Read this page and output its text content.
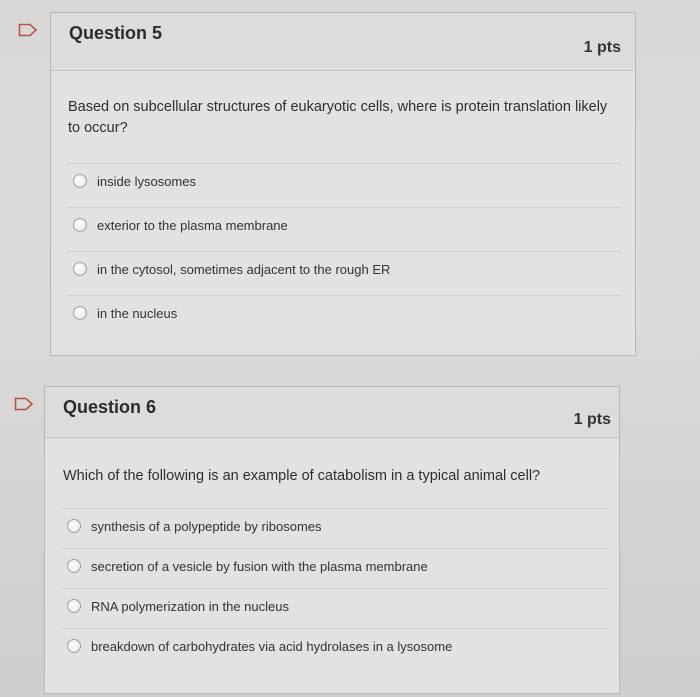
Question 5
1 pts
Based on subcellular structures of eukaryotic cells, where is protein translation likely to occur?
inside lysosomes
exterior to the plasma membrane
in the cytosol, sometimes adjacent to the rough ER
in the nucleus
Question 6
1 pts
Which of the following is an example of catabolism in a typical animal cell?
synthesis of a polypeptide by ribosomes
secretion of a vesicle by fusion with the plasma membrane
RNA polymerization in the nucleus
breakdown of carbohydrates via acid hydrolases in a lysosome
